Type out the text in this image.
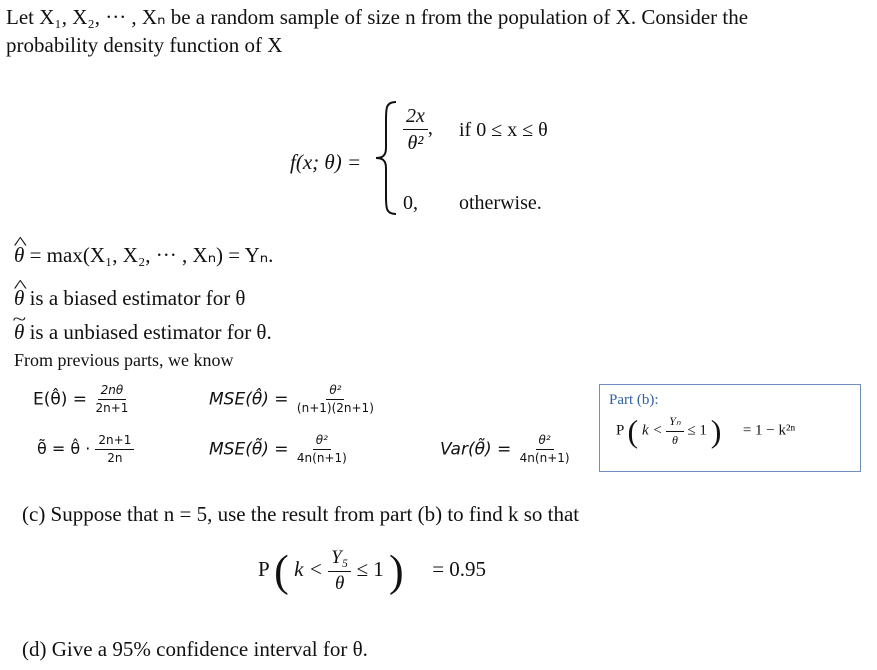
Let X₁, X₂, ··· , Xₙ be a random sample of size n from the population of X. Consider the
probability density function of X
f(x; θ) =
$\frac{2x}{\text{θ²}}$ , if 0 ≤ x ≤ θ
0, otherwise.
^ θ = max(X₁, X₂, ··· , Xₙ) = Yₙ.
^ θ is a biased estimator for θ
~ θ is a unbiased estimator for θ.
From previous parts, we know
E(θ̂) = $\frac{2n\theta}{2n+1}$	MSE(θ̂) = $\frac{\text{θ²}}{(n+1)(2n+1)}$
θ̃ = θ̂ · $\frac{2n+1}{2n}$	MSE(θ̃) = $\frac{\text{θ²}}{4n(n+1)}$	Var(θ̃) = $\frac{\text{θ²}}{4n(n+1)}$
Part (b):
P ( $k < \frac{\text{Yₙ}}{\theta} \le 1$ ) = 1 − k²ⁿ
(c) Suppose that n = 5, use the result from part (b) to find k so that
P ( $k < \frac{\text{Y₅}}{\theta} \le 1$ ) = 0.95
(d) Give a 95% confidence interval for θ.
